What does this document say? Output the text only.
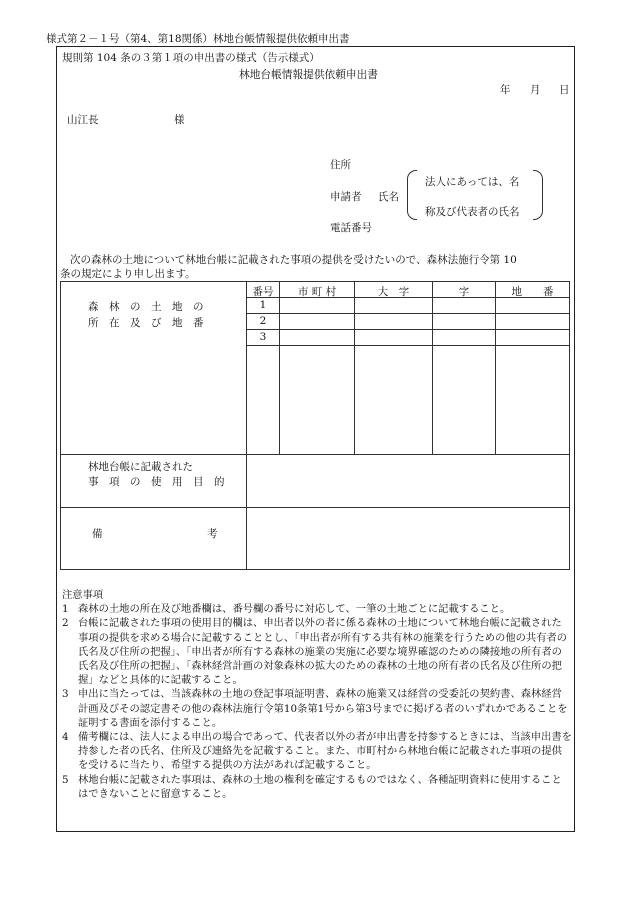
様式第２－１号（第4、第18関係）林地台帳情報提供依頼申出書
規則第 104 条の３第１項の申出書の様式（告示様式）
林地台帳情報提供依頼申出書
年 月 日
山江長	様
住所
申請者 氏名
電話番号
法人にあっては、名
称及び代表者の氏名
次の森林の土地について林地台帳に記載された事項の提供を受けたいので、森林法施行令第 10
条の規定により申し出ます。
番号	市 町 村	大　字	字	地　　番
1
2
3
森　林　の　土　地　の
所　在　及　び　地　番
林地台帳に記載された
事　項　の　使　用　目　的
備	考
注意事項
1 森林の土地の所在及び地番欄は、番号欄の番号に対応して、一筆の土地ごとに記載すること。
2 台帳に記載された事項の使用目的欄は、申出者以外の者に係る森林の土地について林地台帳に記載された事項の提供を求める場合に記載することとし、「申出者が所有する共有林の施業を行うための他の共有者の氏名及び住所の把握」、「申出者が所有する森林の施業の実施に必要な境界確認のための隣接地の所有者の氏名及び住所の把握」、「森林経営計画の対象森林の拡大のための森林の土地の所有者の氏名及び住所の把握」などと具体的に記載すること。
3 申出に当たっては、当該森林の土地の登記事項証明書、森林の施業又は経営の受委託の契約書、森林経営計画及びその認定書その他の森林法施行令第10条第1号から第3号までに掲げる者のいずれかであることを証明する書面を添付すること。
4 備考欄には、法人による申出の場合であって、代表者以外の者が申出書を持参するときには、当該申出書を持参した者の氏名、住所及び連絡先を記載すること。また、市町村から林地台帳に記載された事項の提供を受けるに当たり、希望する提供の方法があれば記載すること。
5 林地台帳に記載された事項は、森林の土地の権利を確定するものではなく、各種証明資料に使用することはできないことに留意すること。
